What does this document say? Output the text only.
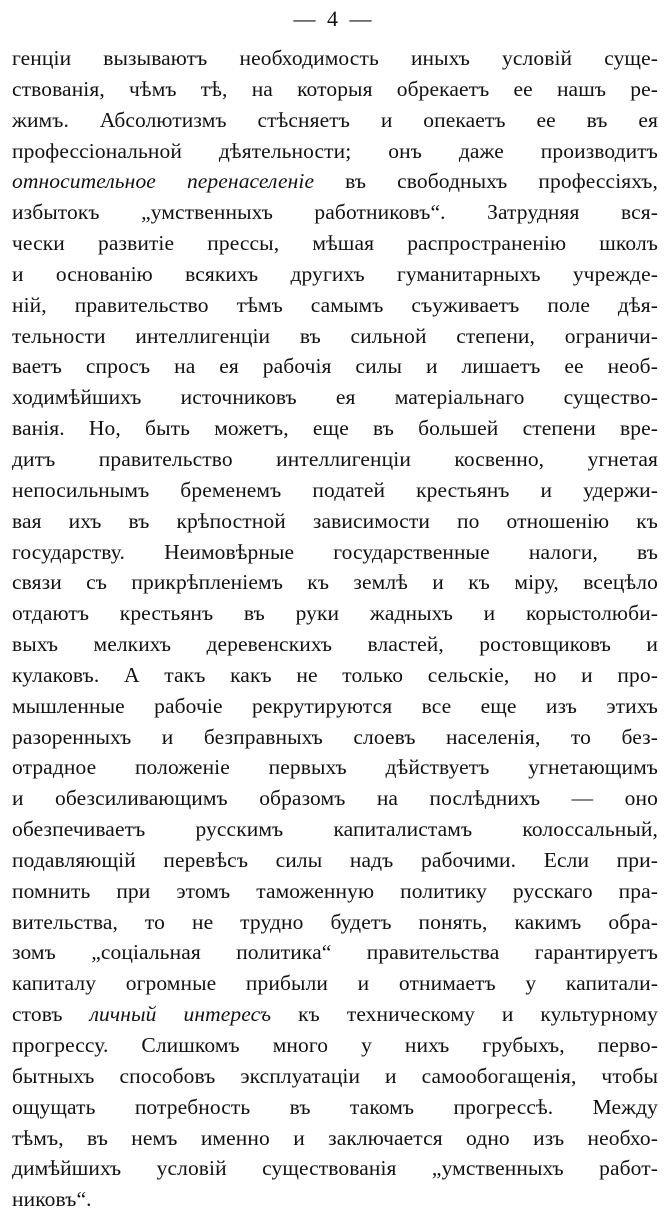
— 4 —
генціи вызываютъ необходимость иныхъ условій суще-
ствованія, чѣмъ тѣ, на которыя обрекаетъ ее нашъ ре-
жимъ. Абсолютизмъ стѣсняетъ и опекаетъ ее въ ея
профессіональной дѣятельности; онъ даже производитъ
относительное перенаселеніе въ свободныхъ профессіяхъ,
избытокъ „умственныхъ работниковъ“. Затрудняя вся-
чески развитіе прессы, мѣшая распространенію школъ
и основанію всякихъ другихъ гуманитарныхъ учрежде-
ній, правительство тѣмъ самымъ съуживаетъ поле дѣя-
тельности интеллигенціи въ сильной степени, ограничи-
ваетъ спросъ на ея рабочія силы и лишаетъ ее необ-
ходимѣйшихъ источниковъ ея матеріальнаго существо-
ванія. Но, быть можетъ, еще въ большей степени вре-
дитъ правительство интеллигенціи косвенно, угнетая
непосильнымъ бременемъ податей крестьянъ и удержи-
вая ихъ въ крѣпостной зависимости по отношенію къ
государству. Неимовѣрные государственные налоги, въ
связи съ прикрѣпленіемъ къ землѣ и къ міру, всецѣло
отдаютъ крестьянъ въ руки жадныхъ и корыстолюби-
выхъ мелкихъ деревенскихъ властей, ростовщиковъ и
кулаковъ. А такъ какъ не только сельскіе, но и про-
мышленные рабочіе рекрутируются все еще изъ этихъ
разоренныхъ и безправныхъ слоевъ населенія, то без-
отрадное положеніе первыхъ дѣйствуетъ угнетающимъ
и обезсиливающимъ образомъ на послѣднихъ — оно
обезпечиваетъ русскимъ капиталистамъ колоссальный,
подавляющій перевѣсъ силы надъ рабочими. Если при-
помнить при этомъ таможенную политику русскаго пра-
вительства, то не трудно будетъ понять, какимъ обра-
зомъ „соціальная политика“ правительства гарантируетъ
капиталу огромные прибыли и отнимаетъ у капитали-
стовъ личный интересъ къ техническому и культурному
прогрессу. Слишкомъ много у нихъ грубыхъ, перво-
бытныхъ способовъ эксплуатаціи и самообогащенія, чтобы
ощущать потребность въ такомъ прогрессѣ. Между
тѣмъ, въ немъ именно и заключается одно изъ необхо-
димѣйшихъ условій существованія „умственныхъ работ-
никовъ“.
